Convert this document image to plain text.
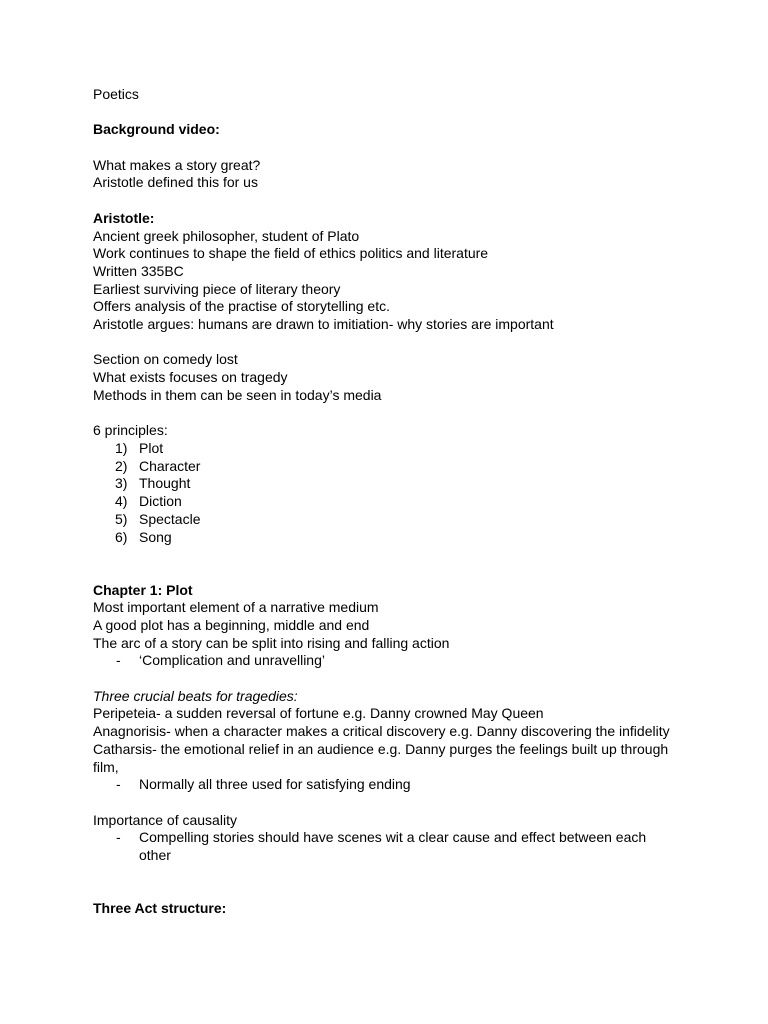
Poetics
Background video:
What makes a story great?
Aristotle defined this for us
Aristotle:
Ancient greek philosopher, student of Plato
Work continues to shape the field of ethics politics and literature
Written 335BC
Earliest surviving piece of literary theory
Offers analysis of the practise of storytelling etc.
Aristotle argues: humans are drawn to imitiation- why stories are important
Section on comedy lost
What exists focuses on tragedy
Methods in them can be seen in today’s media
6 principles:
1) Plot
2) Character
3) Thought
4) Diction
5) Spectacle
6) Song
Chapter 1: Plot
Most important element of a narrative medium
A good plot has a beginning, middle and end
The arc of a story can be split into rising and falling action
- ‘Complication and unravelling’
Three crucial beats for tragedies:
Peripeteia- a sudden reversal of fortune e.g. Danny crowned May Queen
Anagnorisis- when a character makes a critical discovery e.g. Danny discovering the infidelity
Catharsis- the emotional relief in an audience e.g. Danny purges the feelings built up through film,
- Normally all three used for satisfying ending
Importance of causality
- Compelling stories should have scenes wit a clear cause and effect between each other
Three Act structure:
